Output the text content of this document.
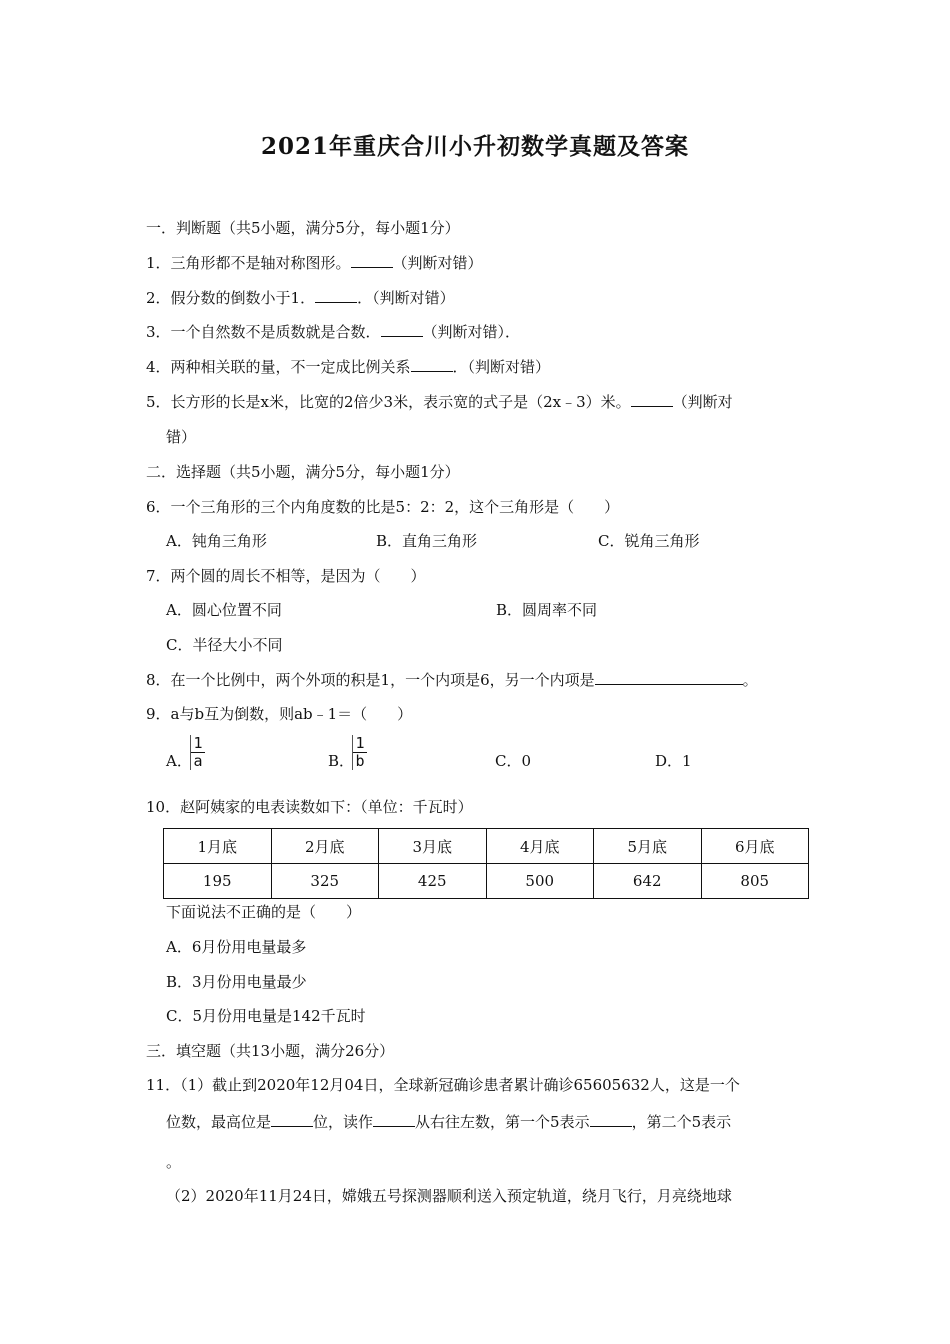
2021年重庆合川小升初数学真题及答案
一．判断题（共5小题，满分5分，每小题1分）
1．三角形都不是轴对称图形。	（判断对错）
2．假分数的倒数小于1．	．（判断对错）
3．一个自然数不是质数就是合数．	（判断对错）．
4．两种相关联的量，不一定成比例关系	．（判断对错）
5．长方形的长是x米，比宽的2倍少3米，表示宽的式子是（2x﹣3）米。	（判断对
错）
二．选择题（共5小题，满分5分，每小题1分）
6．一个三角形的三个内角度数的比是5：2：2，这个三角形是（　　）
A．钝角三角形	B．直角三角形	C．锐角三角形
7．两个圆的周长不相等，是因为（　　）
A．圆心位置不同	B．圆周率不同
C．半径大小不同
8．在一个比例中，两个外项的积是1，一个内项是6，另一个内项是	。
9．a与b互为倒数，则ab﹣1＝（　　）
A．
$\frac{1}{a}$	B．
$\frac{1}{b}$	C．0	D．1
10．赵阿姨家的电表读数如下：（单位：千瓦时）
1月底	2月底	3月底	4月底	5月底	6月底
195	325	425	500	642	805
下面说法不正确的是（　　）
A．6月份用电量最多
B．3月份用电量最少
C．5月份用电量是142千瓦时
三．填空题（共13小题，满分26分）
11．（1）截止到2020年12月04日，全球新冠确诊患者累计确诊65605632人，这是一个
位数，最高位是	位，读作	从右往左数，第一个5表示	，第二个5表示
。
（2）2020年11月24日，嫦娥五号探测器顺利送入预定轨道，绕月飞行，月亮绕地球
